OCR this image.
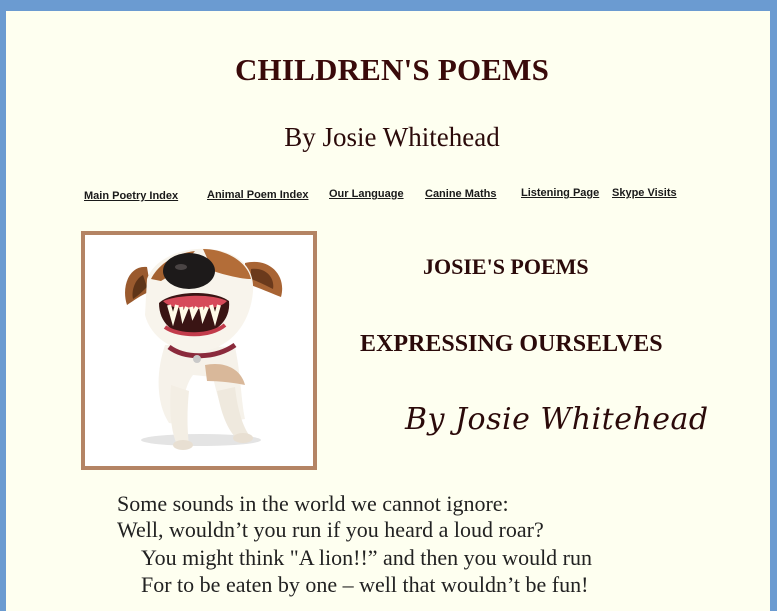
CHILDREN'S POEMS
By Josie Whitehead
Main Poetry Index	Animal Poem Index Our Language Canine Maths Listening Page Skype Visits
JOSIE'S POEMS
EXPRESSING OURSELVES
By Josie Whitehead

Some sounds in the world we cannot ignore:

Well, wouldn’t you run if you heard a loud roar?

You might think "A lion!!” and then you would run

For to be eaten by one – well that wouldn’t be fun!
